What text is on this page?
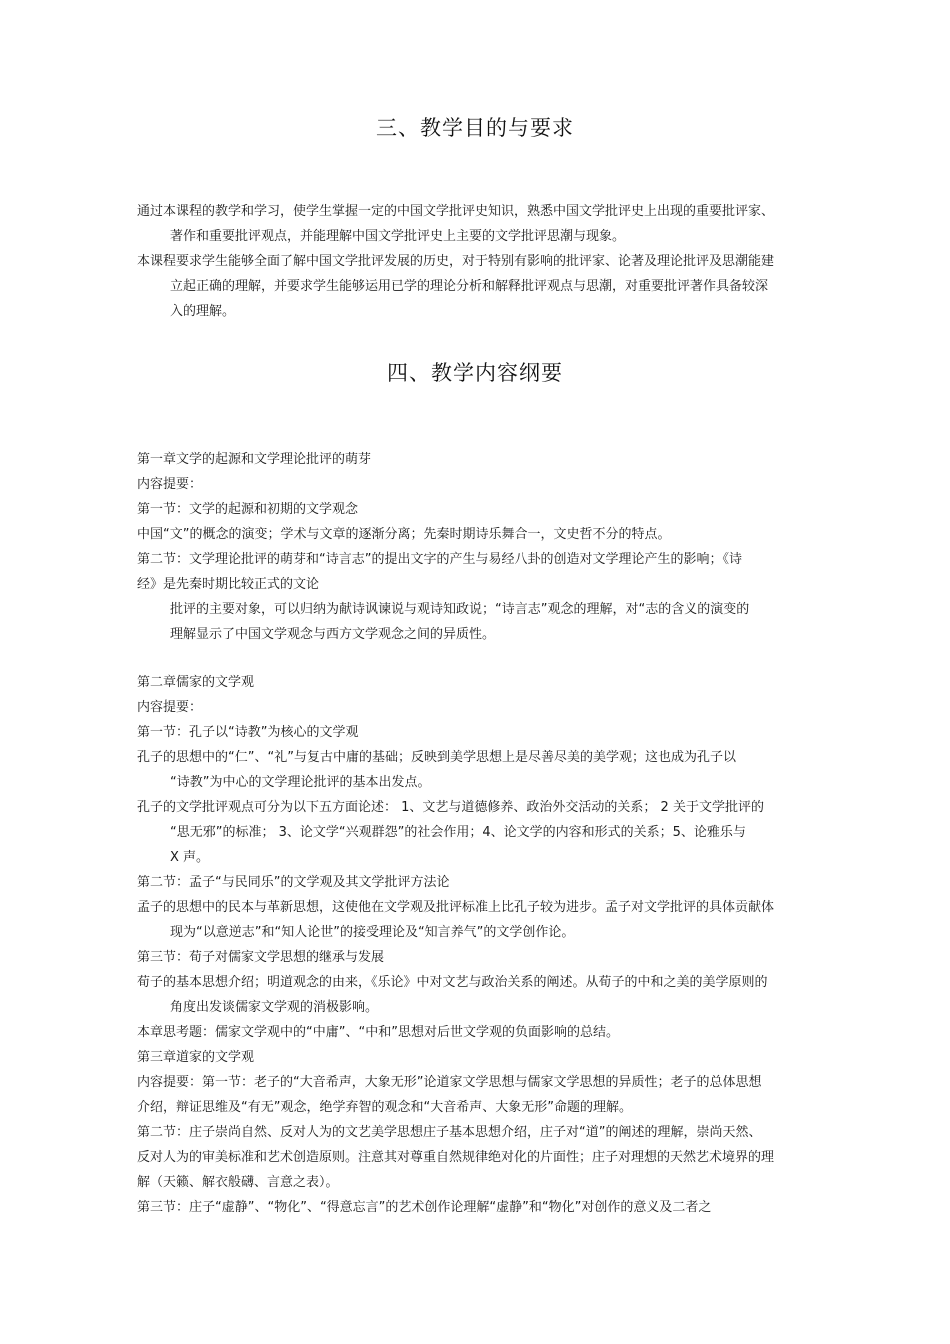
三、教学目的与要求
通过本课程的教学和学习，使学生掌握一定的中国文学批评史知识，熟悉中国文学批评史上出现的重要批评家、
著作和重要批评观点，并能理解中国文学批评史上主要的文学批评思潮与现象。
本课程要求学生能够全面了解中国文学批评发展的历史，对于特别有影响的批评家、论著及理论批评及思潮能建
立起正确的理解，并要求学生能够运用已学的理论分析和解释批评观点与思潮，对重要批评著作具备较深
入的理解。
四、教学内容纲要
第一章文学的起源和文学理论批评的萌芽
内容提要：
第一节：文学的起源和初期的文学观念
中国“文”的概念的演变；学术与文章的逐渐分离；先秦时期诗乐舞合一，文史哲不分的特点。
第二节：文学理论批评的萌芽和“诗言志”的提出文字的产生与易经八卦的创造对文学理论产生的影响；《诗
经》是先秦时期比较正式的文论
批评的主要对象，可以归纳为献诗讽谏说与观诗知政说；“诗言志”观念的理解，对“志的含义的演变的
理解显示了中国文学观念与西方文学观念之间的异质性。
第二章儒家的文学观
内容提要：
第一节：孔子以“诗教”为核心的文学观
孔子的思想中的“仁”、“礼”与复古中庸的基础；反映到美学思想上是尽善尽美的美学观；这也成为孔子以
“诗教”为中心的文学理论批评的基本出发点。
孔子的文学批评观点可分为以下五方面论述： 1、文艺与道德修养、政治外交活动的关系； 2 关于文学批评的
“思无邪”的标准； 3、论文学“兴观群怨”的社会作用；4、论文学的内容和形式的关系；5、论雅乐与
X 声。
第二节：孟子“与民同乐”的文学观及其文学批评方法论
孟子的思想中的民本与革新思想，这使他在文学观及批评标准上比孔子较为进步。孟子对文学批评的具体贡献体
现为“以意逆志”和“知人论世”的接受理论及“知言养气”的文学创作论。
第三节：荀子对儒家文学思想的继承与发展
荀子的基本思想介绍；明道观念的由来，《乐论》中对文艺与政治关系的阐述。从荀子的中和之美的美学原则的
角度出发谈儒家文学观的消极影响。
本章思考题：儒家文学观中的“中庸”、“中和”思想对后世文学观的负面影响的总结。
第三章道家的文学观
内容提要：第一节：老子的“大音希声，大象无形”论道家文学思想与儒家文学思想的异质性；老子的总体思想
介绍，辩证思维及“有无”观念，绝学弃智的观念和“大音希声、大象无形”命题的理解。
第二节：庄子崇尚自然、反对人为的文艺美学思想庄子基本思想介绍，庄子对“道”的阐述的理解，崇尚天然、
反对人为的审美标准和艺术创造原则。注意其对尊重自然规律绝对化的片面性；庄子对理想的天然艺术境界的理
解（天籁、解衣般礴、言意之表）。
第三节：庄子“虚静”、“物化”、“得意忘言”的艺术创作论理解“虚静”和“物化”对创作的意义及二者之
